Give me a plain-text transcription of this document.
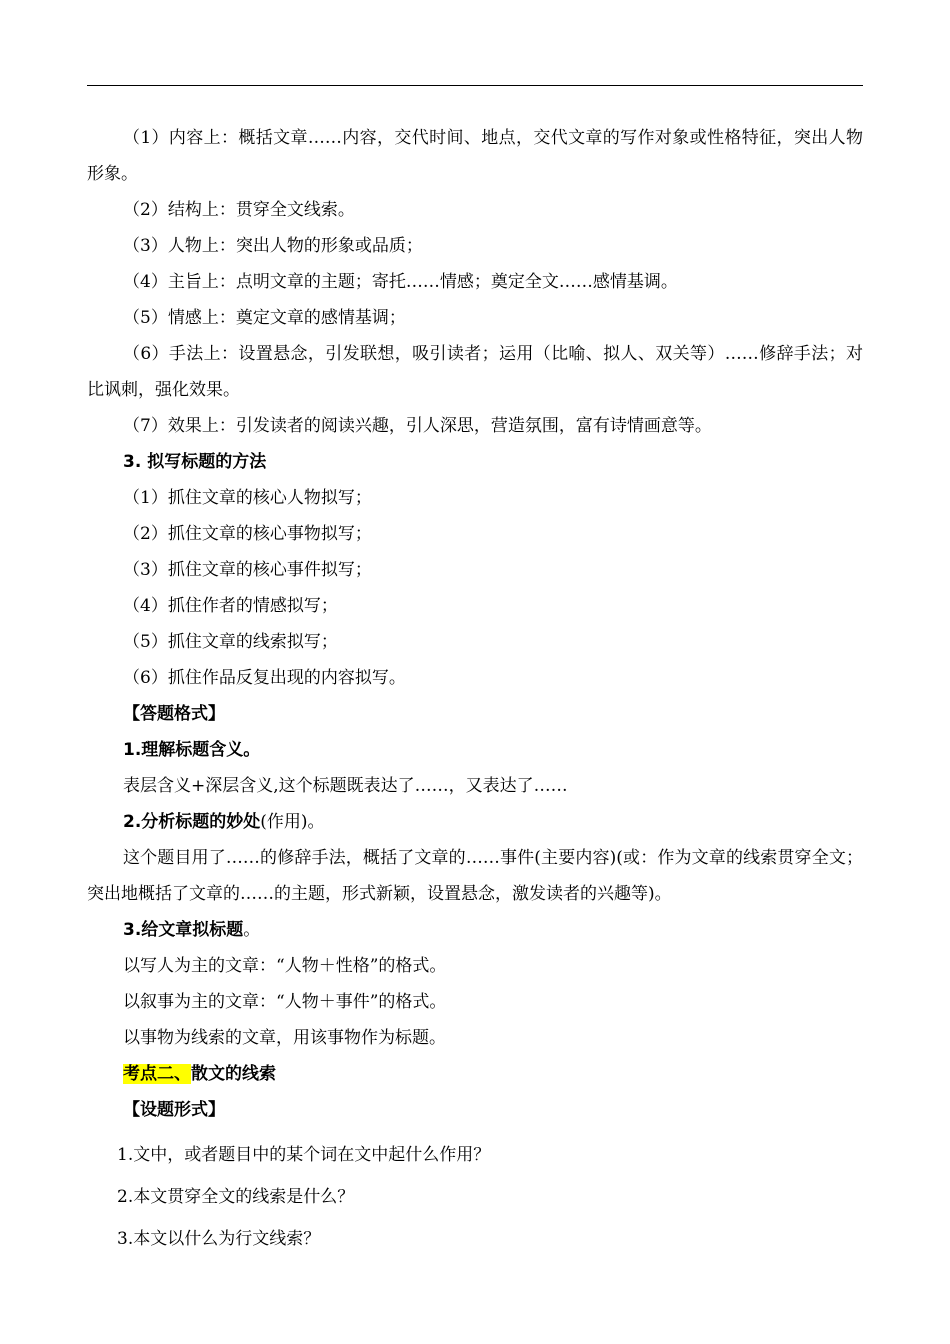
（1）内容上：概括文章……内容，交代时间、地点，交代文章的写作对象或性格特征，突出人物形象。

（2）结构上：贯穿全文线索。

（3）人物上：突出人物的形象或品质；

（4）主旨上：点明文章的主题；寄托……情感；奠定全文……感情基调。

（5）情感上：奠定文章的感情基调；

（6）手法上：设置悬念，引发联想，吸引读者；运用（比喻、拟人、双关等）……修辞手法；对比讽刺，强化效果。

（7）效果上：引发读者的阅读兴趣，引人深思，营造氛围，富有诗情画意等。

3. 拟写标题的方法

（1）抓住文章的核心人物拟写；

（2）抓住文章的核心事物拟写；

（3）抓住文章的核心事件拟写；

（4）抓住作者的情感拟写；

（5）抓住文章的线索拟写；

（6）抓住作品反复出现的内容拟写。

【答题格式】

1.理解标题含义。

表层含义+深层含义,这个标题既表达了……，又表达了……

2.分析标题的妙处(作用)。

这个题目用了……的修辞手法，概括了文章的……事件(主要内容)(或：作为文章的线索贯穿全文；突出地概括了文章的……的主题，形式新颖，设置悬念，激发读者的兴趣等)。

3.给文章拟标题。

以写人为主的文章：“人物＋性格”的格式。

以叙事为主的文章：“人物＋事件”的格式。

以事物为线索的文章，用该事物作为标题。

考点二、散文的线索

【设题形式】

1.文中，或者题目中的某个词在文中起什么作用？

2.本文贯穿全文的线索是什么？

3.本文以什么为行文线索？
